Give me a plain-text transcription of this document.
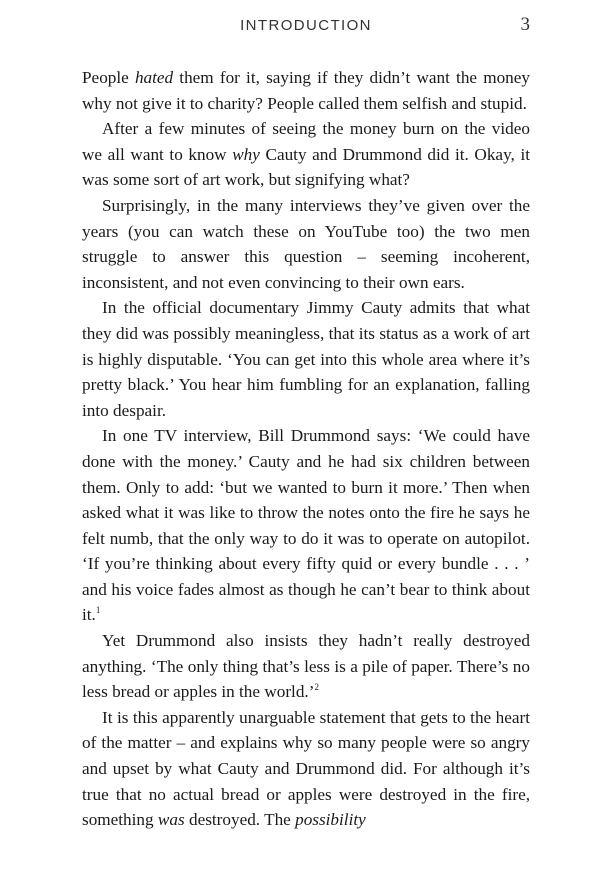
INTRODUCTION	3

People hated them for it, saying if they didn’t want the money why not give it to charity? People called them selfish and stupid.

After a few minutes of seeing the money burn on the video we all want to know why Cauty and Drummond did it. Okay, it was some sort of art work, but signifying what?

Surprisingly, in the many interviews they’ve given over the years (you can watch these on YouTube too) the two men struggle to answer this question – seeming incoherent, inconsistent, and not even convincing to their own ears.

In the official documentary Jimmy Cauty admits that what they did was possibly meaningless, that its status as a work of art is highly disputable. ‘You can get into this whole area where it’s pretty black.’ You hear him fumbling for an explanation, falling into despair.

In one TV interview, Bill Drummond says: ‘We could have done with the money.’ Cauty and he had six children between them. Only to add: ‘but we wanted to burn it more.’ Then when asked what it was like to throw the notes onto the fire he says he felt numb, that the only way to do it was to operate on autopilot. ‘If you’re thinking about every fifty quid or every bundle . . . ’ and his voice fades almost as though he can’t bear to think about it.$^1$

Yet Drummond also insists they hadn’t really destroyed anything. ‘The only thing that’s less is a pile of paper. There’s no less bread or apples in the world.’$^2$

It is this apparently unarguable statement that gets to the heart of the matter – and explains why so many people were so angry and upset by what Cauty and Drummond did. For although it’s true that no actual bread or apples were destroyed in the fire, something was destroyed. The possibility
